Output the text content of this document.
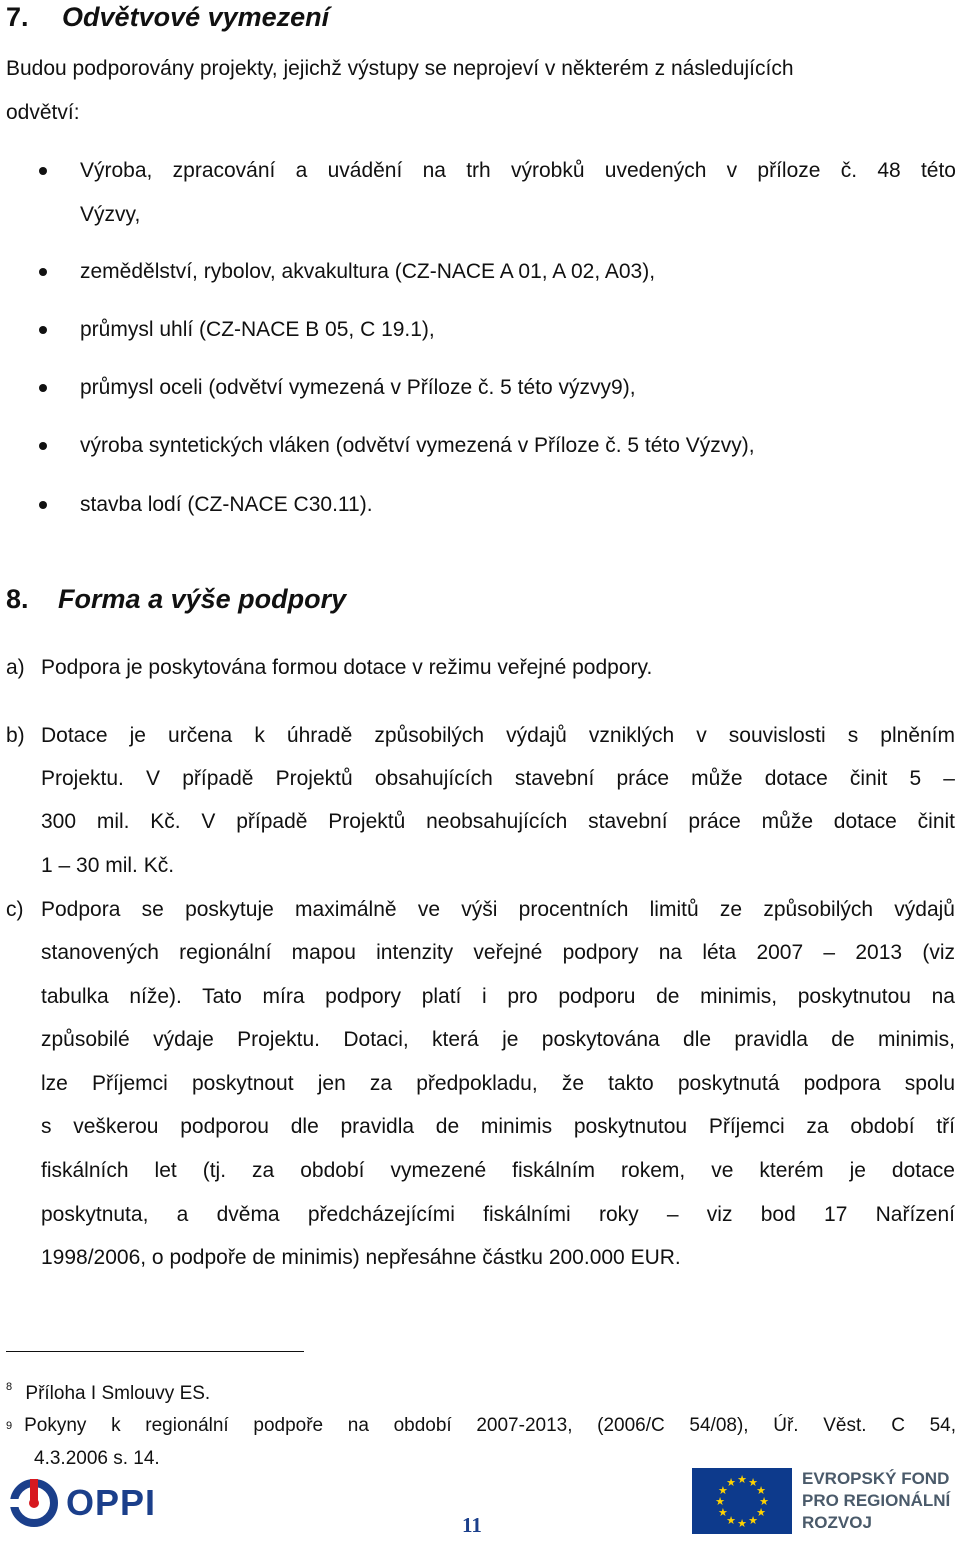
7. Odvětvové vymezení
Budou podporovány projekty, jejichž výstupy se neprojeví v některém z následujících
odvětví:
Výroba, zpracování a uvádění na trh výrobků uvedených v příloze č. 48 této
Výzvy,
zemědělství, rybolov, akvakultura (CZ-NACE A 01, A 02, A03),
průmysl uhlí (CZ-NACE B 05, C 19.1),
průmysl oceli (odvětví vymezená v Příloze č. 5 této výzvy9),
výroba syntetických vláken (odvětví vymezená v Příloze č. 5 této Výzvy),
stavba lodí (CZ-NACE C30.11).
8. Forma a výše podpory
a) Podpora je poskytována formou dotace v režimu veřejné podpory.
b) Dotace je určena k úhradě způsobilých výdajů vzniklých v souvislosti s plněním
Projektu. V případě Projektů obsahujících stavební práce může dotace činit 5 –
300 mil. Kč. V případě Projektů neobsahujících stavební práce může dotace činit
1 – 30 mil. Kč.
c) Podpora se poskytuje maximálně ve výši procentních limitů ze způsobilých výdajů
stanovených regionální mapou intenzity veřejné podpory na léta 2007 – 2013 (viz
tabulka níže). Tato míra podpory platí i pro podporu de minimis, poskytnutou na
způsobilé výdaje Projektu. Dotaci, která je poskytována dle pravidla de minimis,
lze Příjemci poskytnout jen za předpokladu, že takto poskytnutá podpora spolu
s veškerou podporou dle pravidla de minimis poskytnutou Příjemci za období tří
fiskálních let (tj. za období vymezené fiskálním rokem, ve kterém je dotace
poskytnuta, a dvěma předcházejícími fiskálními roky – viz bod 17 Nařízení
1998/2006, o podpoře de minimis) nepřesáhne částku 200.000 EUR.
$^8$ Příloha I Smlouvy ES.
$^9$ Pokyny k regionální podpoře na období 2007-2013, (2006/C 54/08), Úř. Věst. C 54,
4.3.2006 s. 14.
OPPI
11
★ ★
★
★
★
★
★
★
★
★
★
★	EVROPSKÝ FOND
PRO REGIONÁLNÍ
ROZVOJ
